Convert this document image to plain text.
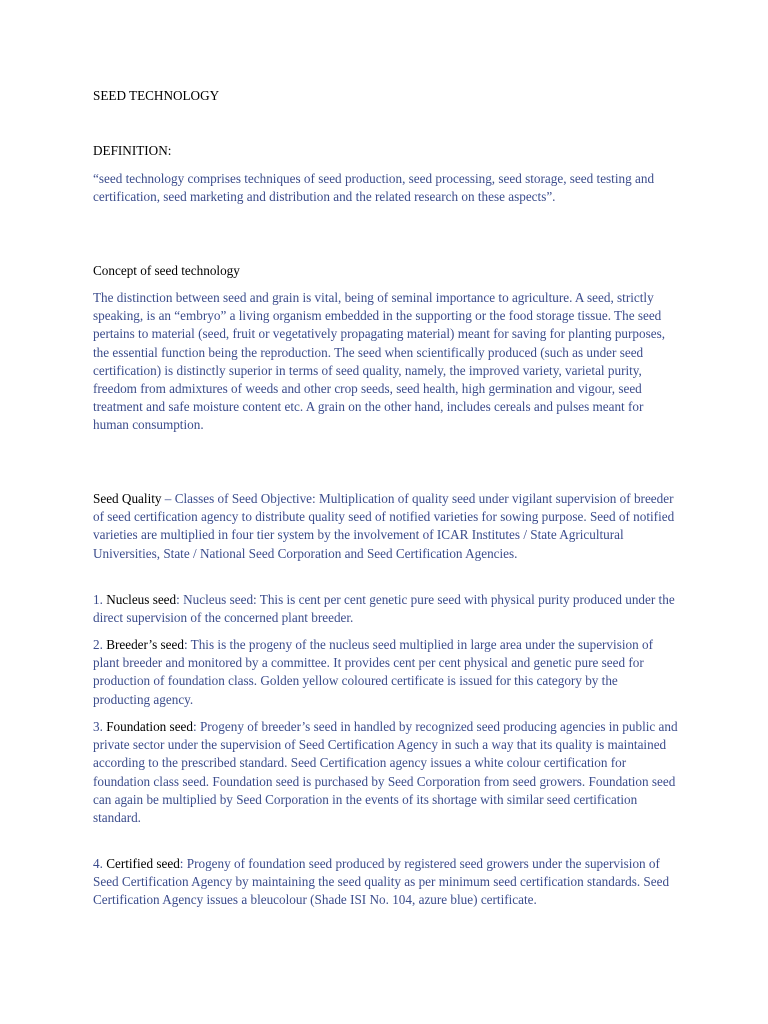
SEED TECHNOLOGY

DEFINITION:

“seed technology comprises techniques of seed production, seed processing, seed storage, seed testing and certification, seed marketing and distribution and the related research on these aspects”.

Concept of seed technology

The distinction between seed and grain is vital, being of seminal importance to agriculture. A seed, strictly speaking, is an “embryo” a living organism embedded in the supporting or the food storage tissue. The seed pertains to material (seed, fruit or vegetatively propagating material) meant for saving for planting purposes, the essential function being the reproduction. The seed when scientifically produced (such as under seed certification) is distinctly superior in terms of seed quality, namely, the improved variety, varietal purity, freedom from admixtures of weeds and other crop seeds, seed health, high germination and vigour, seed treatment and safe moisture content etc. A grain on the other hand, includes cereals and pulses meant for human consumption.

Seed Quality – Classes of Seed Objective: Multiplication of quality seed under vigilant supervision of breeder of seed certification agency to distribute quality seed of notified varieties for sowing purpose. Seed of notified varieties are multiplied in four tier system by the involvement of ICAR Institutes / State Agricultural Universities, State / National Seed Corporation and Seed Certification Agencies.

1. Nucleus seed: Nucleus seed: This is cent per cent genetic pure seed with physical purity produced under the direct supervision of the concerned plant breeder.

2. Breeder’s seed: This is the progeny of the nucleus seed multiplied in large area under the supervision of plant breeder and monitored by a committee. It provides cent per cent physical and genetic pure seed for production of foundation class. Golden yellow coloured certificate is issued for this category by the producting agency.

3. Foundation seed: Progeny of breeder’s seed in handled by recognized seed producing agencies in public and private sector under the supervision of Seed Certification Agency in such a way that its quality is maintained according to the prescribed standard. Seed Certification agency issues a white colour certification for foundation class seed. Foundation seed is purchased by Seed Corporation from seed growers. Foundation seed can again be multiplied by Seed Corporation in the events of its shortage with similar seed certification standard.

4. Certified seed: Progeny of foundation seed produced by registered seed growers under the supervision of Seed Certification Agency by maintaining the seed quality as per minimum seed certification standards. Seed Certification Agency issues a bleucolour (Shade ISI No. 104, azure blue) certificate.
